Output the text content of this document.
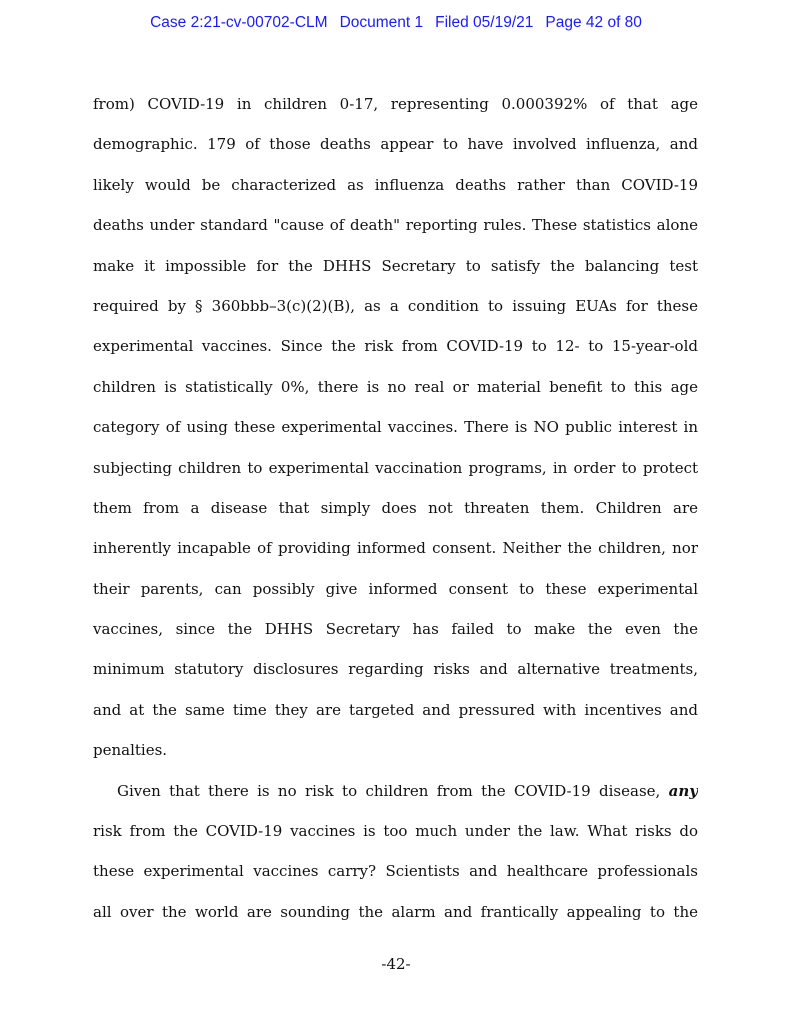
Case 2:21-cv-00702-CLM Document 1 Filed 05/19/21 Page 42 of 80
from) COVID-19 in children 0-17, representing 0.000392% of that age
demographic. 179 of those deaths appear to have involved influenza, and
likely would be characterized as influenza deaths rather than COVID-19
deaths under standard "cause of death" reporting rules. These statistics alone
make it impossible for the DHHS Secretary to satisfy the balancing test
required by § 360bbb–3(c)(2)(B), as a condition to issuing EUAs for these
experimental vaccines. Since the risk from COVID-19 to 12- to 15-year-old
children is statistically 0%, there is no real or material benefit to this age
category of using these experimental vaccines. There is NO public interest in
subjecting children to experimental vaccination programs, in order to protect
them from a disease that simply does not threaten them. Children are
inherently incapable of providing informed consent. Neither the children, nor
their parents, can possibly give informed consent to these experimental
vaccines, since the DHHS Secretary has failed to make the even the
minimum statutory disclosures regarding risks and alternative treatments,
and at the same time they are targeted and pressured with incentives and
penalties.
Given that there is no risk to children from the COVID-19 disease, any
risk from the COVID-19 vaccines is too much under the law. What risks do
these experimental vaccines carry? Scientists and healthcare professionals
all over the world are sounding the alarm and frantically appealing to the
-42-
